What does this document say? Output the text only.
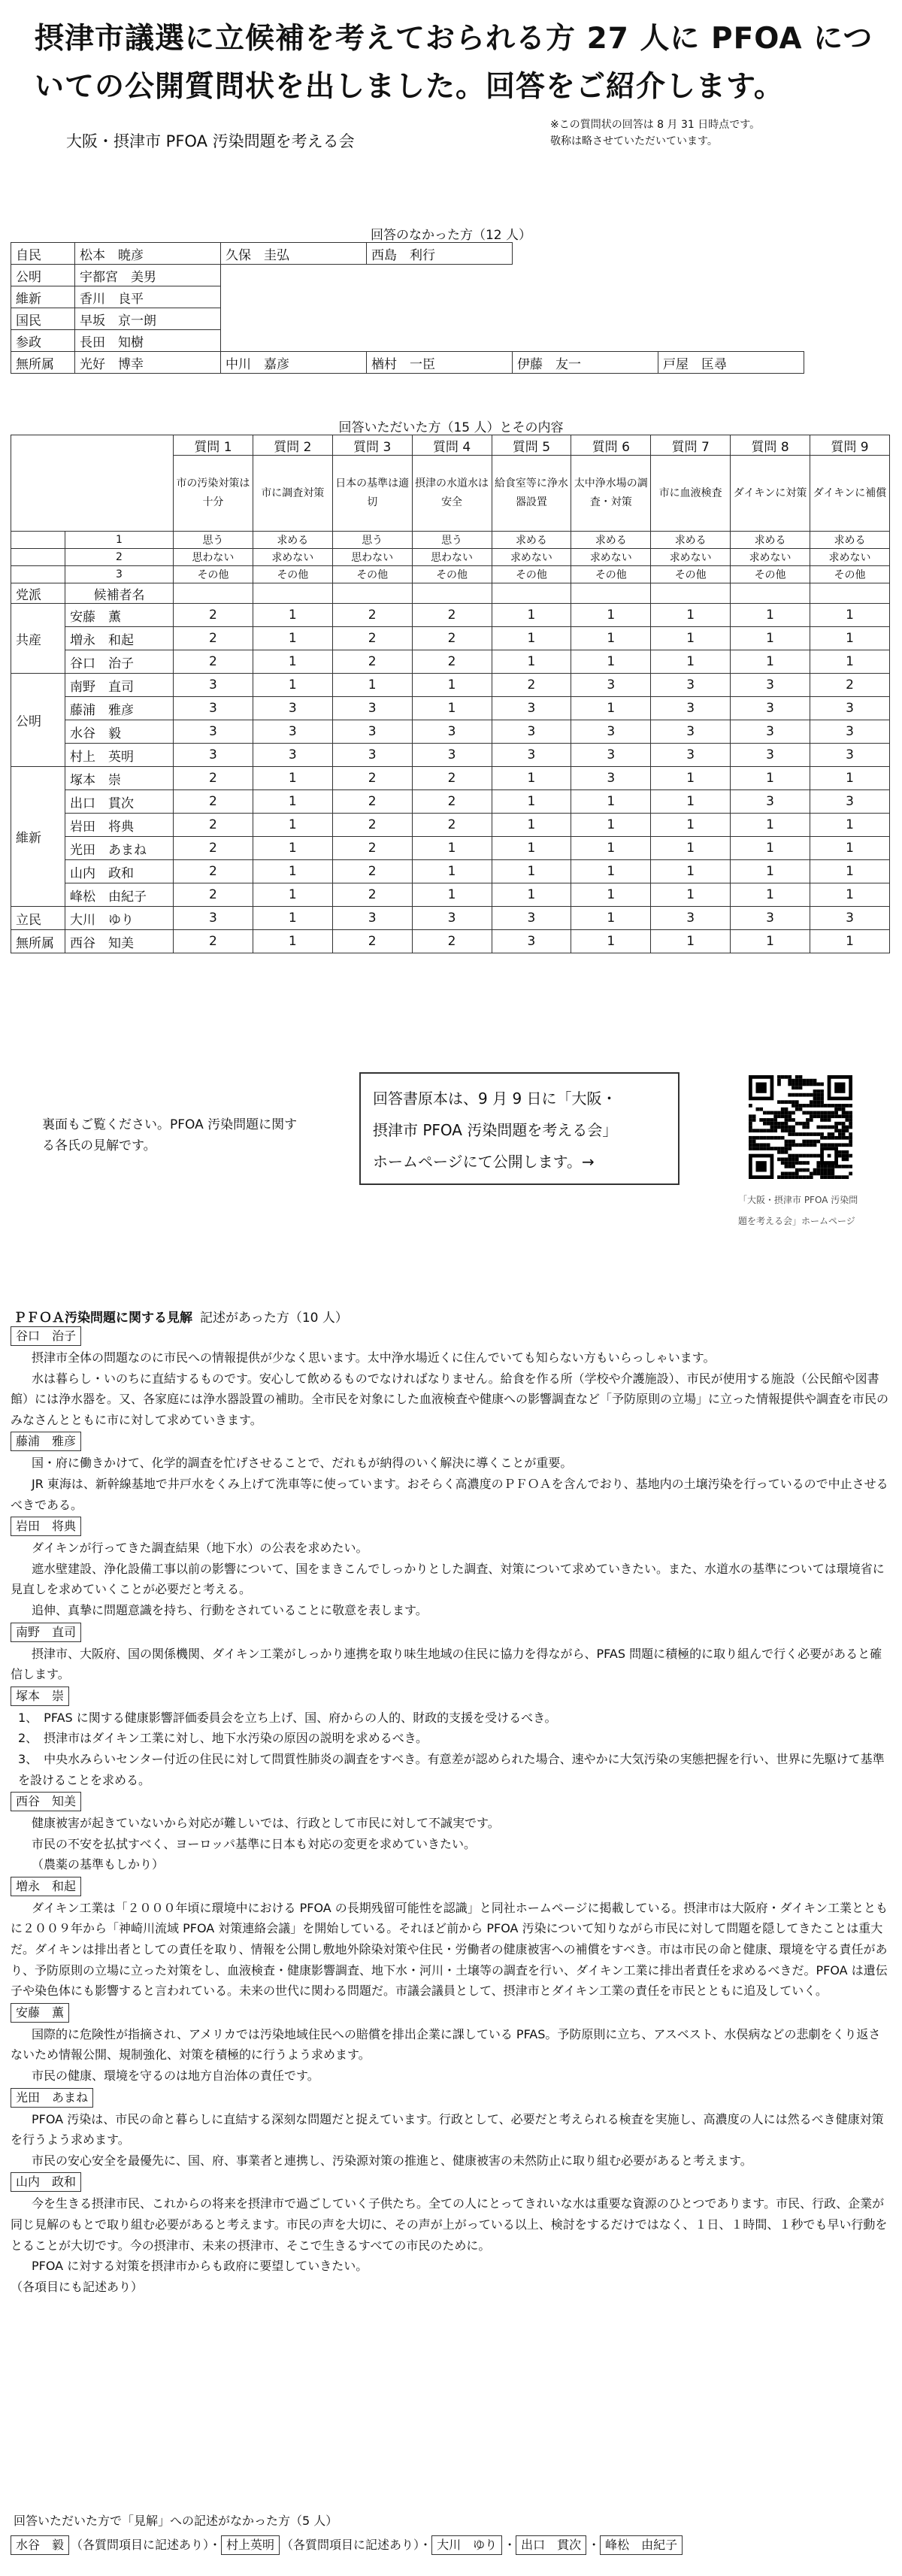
摂津市議選に立候補を考えておられる方 27 人に PFOA についての公開質問状を出しました。回答をご紹介します。
大阪・摂津市 PFOA 汚染問題を考える会
※この質問状の回答は 8 月 31 日時点です。
敬称は略させていただいています。
回答のなかった方（12 人）
自民	松本　暁彦	久保　圭弘	西島　利行		
公明	宇都宮　美男				
維新	香川　良平				
国民	早坂　京一朗				
参政	長田　知樹				
無所属	光好　博幸	中川　嘉彦	楢村　一臣	伊藤　友一	戸屋　匡尋
回答いただいた方（15 人）とその内容
		質問 1	質問 2	質問 3	質問 4	質問 5	質問 6	質問 7	質問 8	質問 9
		市の汚染対策は十分	市に調査対策	日本の基準は適切	摂津の水道水は安全	給食室等に浄水器設置	太中浄水場の調査・対策	市に血液検査	ダイキンに対策	ダイキンに補償
	1	思う	求める	思う	思う	求める	求める	求める	求める	求める
	2	思わない	求めない	思わない	思わない	求めない	求めない	求めない	求めない	求めない
	3	その他	その他	その他	その他	その他	その他	その他	その他	その他
党派	候補者名									
共産	安藤　薫	2	1	2	2	1	1	1	1	1
	増永　和起	2	1	2	2	1	1	1	1	1
	谷口　治子	2	1	2	2	1	1	1	1	1
公明	南野　直司	3	1	1	1	2	3	3	3	2
	藤浦　雅彦	3	3	3	1	3	1	3	3	3
	水谷　毅	3	3	3	3	3	3	3	3	3
	村上　英明	3	3	3	3	3	3	3	3	3
維新	塚本　崇	2	1	2	2	1	3	1	1	1
	出口　貫次	2	1	2	2	1	1	1	3	3
	岩田　将典	2	1	2	2	1	1	1	1	1
	光田　あまね	2	1	2	1	1	1	1	1	1
	山内　政和	2	1	2	1	1	1	1	1	1
	峰松　由紀子	2	1	2	1	1	1	1	1	1
立民	大川　ゆり	3	1	3	3	3	1	3	3	3
無所属	西谷　知美	2	1	2	2	3	1	1	1	1
裏面もご覧ください。PFOA 汚染問題に関する各氏の見解です。
回答書原本は、9 月 9 日に「大阪・
摂津市 PFOA 汚染問題を考える会」
ホームページにて公開します。→
「大阪・摂津市 PFOA 汚染問
題を考える会」ホームページ
ＰＦＯＡ汚染問題に関する見解 記述があった方（10 人）
谷口　治子

摂津市全体の問題なのに市民への情報提供が少なく思います。太中浄水場近くに住んでいても知らない方もいらっしゃいます。

水は暮らし・いのちに直結するものです。安心して飲めるものでなければなりません。給食を作る所（学校や介護施設）、市民が使用する施設（公民館や図書館）には浄水器を。又、各家庭には浄水器設置の補助。全市民を対象にした血液検査や健康への影響調査など「予防原則の立場」に立った情報提供や調査を市民のみなさんとともに市に対して求めていきます。

藤浦　雅彦

国・府に働きかけて、化学的調査を忙げさせることで、だれもが納得のいく解決に導くことが重要。

JR 東海は、新幹線基地で井戸水をくみ上げて洗車等に使っています。おそらく高濃度のＰＦＯＡを含んでおり、基地内の土壌汚染を行っているので中止させるべきである。

岩田　将典

ダイキンが行ってきた調査結果（地下水）の公表を求めたい。

遮水壁建設、浄化設備工事以前の影響について、国をまきこんでしっかりとした調査、対策について求めていきたい。また、水道水の基準については環境省に見直しを求めていくことが必要だと考える。

追伸、真摯に問題意識を持ち、行動をされていることに敬意を表します。

南野　直司

摂津市、大阪府、国の関係機関、ダイキン工業がしっかり連携を取り味生地域の住民に協力を得ながら、PFAS 問題に積極的に取り組んで行く必要があると確信します。

塚本　崇

1、　PFAS に関する健康影響評価委員会を立ち上げ、国、府からの人的、財政的支援を受けるべき。

2、　摂津市はダイキン工業に対し、地下水汚染の原因の説明を求めるべき。

3、　中央水みらいセンター付近の住民に対して問質性肺炎の調査をすべき。有意差が認められた場合、速やかに大気汚染の実態把握を行い、世界に先駆けて基準を設けることを求める。

西谷　知美

健康被害が起きていないから対応が難しいでは、行政として市民に対して不誠実です。

市民の不安を払拭すべく、ヨーロッパ基準に日本も対応の変更を求めていきたい。

（農薬の基準もしかり）

増永　和起

ダイキン工業は「２０００年頃に環境中における PFOA の長期残留可能性を認識」と同社ホームページに掲載している。摂津市は大阪府・ダイキン工業とともに２００９年から「神崎川流域 PFOA 対策連絡会議」を開始している。それほど前から PFOA 汚染について知りながら市民に対して問題を隠してきたことは重大だ。ダイキンは排出者としての責任を取り、情報を公開し敷地外除染対策や住民・労働者の健康被害への補償をすべき。市は市民の命と健康、環境を守る責任があり、予防原則の立場に立った対策をし、血液検査・健康影響調査、地下水・河川・土壌等の調査を行い、ダイキン工業に排出者責任を求めるべきだ。PFOA は遺伝子や染色体にも影響すると言われている。未来の世代に関わる問題だ。市議会議員として、摂津市とダイキン工業の責任を市民とともに追及していく。

安藤　薫

国際的に危険性が指摘され、アメリカでは汚染地域住民への賠償を排出企業に課している PFAS。予防原則に立ち、アスベスト、水俣病などの悲劇をくり返さないため情報公開、規制強化、対策を積極的に行うよう求めます。

市民の健康、環境を守るのは地方自治体の責任です。

光田　あまね

PFOA 汚染は、市民の命と暮らしに直結する深刻な問題だと捉えています。行政として、必要だと考えられる検査を実施し、高濃度の人には然るべき健康対策を行うよう求めます。

市民の安心安全を最優先に、国、府、事業者と連携し、汚染源対策の推進と、健康被害の未然防止に取り組む必要があると考えます。

山内　政和

今を生きる摂津市民、これからの将来を摂津市で過ごしていく子供たち。全ての人にとってきれいな水は重要な資源のひとつであります。市民、行政、企業が同じ見解のもとで取り組む必要があると考えます。市民の声を大切に、その声が上がっている以上、検討をするだけではなく、１日、１時間、１秒でも早い行動をとることが大切です。今の摂津市、未来の摂津市、そこで生きるすべての市民のために。

PFOA に対する対策を摂津市からも政府に要望していきたい。

（各項目にも記述あり）

回答いただいた方で「見解」への記述がなかった方（5 人）
水谷　毅 （各質問項目に記述あり）・ 村上英明 （各質問項目に記述あり）・ 大川　ゆり ・ 出口　貫次 ・ 峰松　由紀子
